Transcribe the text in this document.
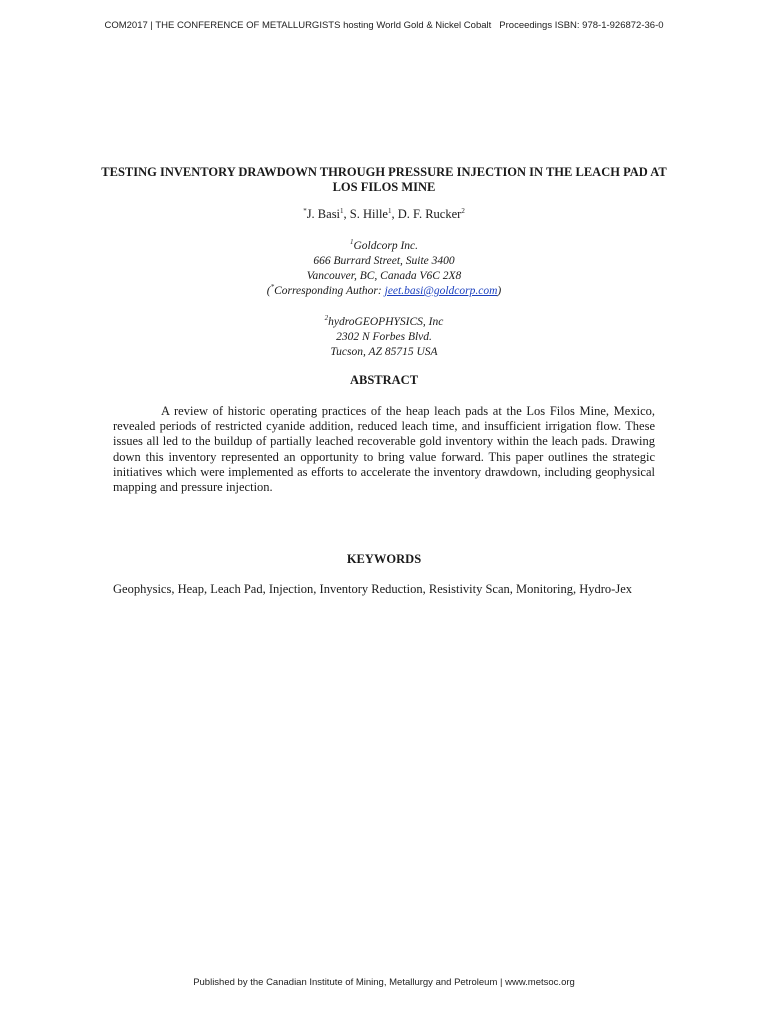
COM2017 | THE CONFERENCE OF METALLURGISTS hosting World Gold & Nickel Cobalt Proceedings ISBN: 978-1-926872-36-0
TESTING INVENTORY DRAWDOWN THROUGH PRESSURE INJECTION IN THE LEACH PAD AT LOS FILOS MINE
*J. Basi$^1$, S. Hille$^1$, D. F. Rucker$^2$
$^1$Goldcorp Inc.
666 Burrard Street, Suite 3400
Vancouver, BC, Canada V6C 2X8
(*Corresponding Author: jeet.basi@goldcorp.com)
$^2$hydroGEOPHYSICS, Inc
2302 N Forbes Blvd.
Tucson, AZ 85715 USA
ABSTRACT
A review of historic operating practices of the heap leach pads at the Los Filos Mine, Mexico, revealed periods of restricted cyanide addition, reduced leach time, and insufficient irrigation flow. These issues all led to the buildup of partially leached recoverable gold inventory within the leach pads. Drawing down this inventory represented an opportunity to bring value forward. This paper outlines the strategic initiatives which were implemented as efforts to accelerate the inventory drawdown, including geophysical mapping and pressure injection.
KEYWORDS
Geophysics, Heap, Leach Pad, Injection, Inventory Reduction, Resistivity Scan, Monitoring, Hydro-Jex
Published by the Canadian Institute of Mining, Metallurgy and Petroleum | www.metsoc.org
